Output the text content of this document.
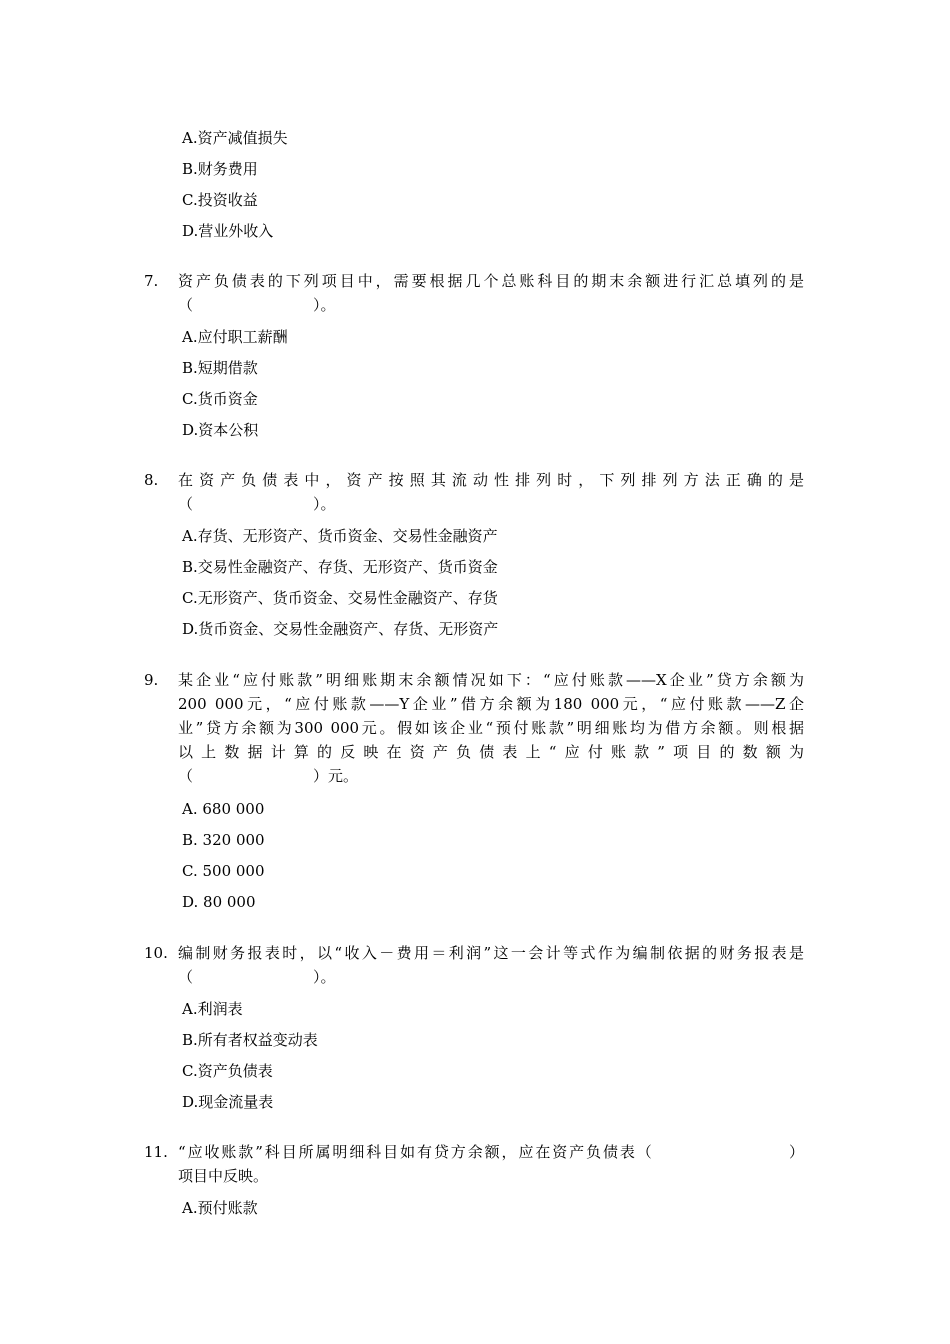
A.资产减值损失
B.财务费用
C.投资收益
D.营业外收入
7. 资产负债表的下列项目中，需要根据几个总账科目的期末余额进行汇总填列的是
（　　　　　　　　）。
A.应付职工薪酬
B.短期借款
C.货币资金
D.资本公积
8. 在资产负债表中，资产按照其流动性排列时，下列排列方法正确的是
（　　　　　　　　）。
A.存货、无形资产、货币资金、交易性金融资产
B.交易性金融资产、存货、无形资产、货币资金
C.无形资产、货币资金、交易性金融资产、存货
D.货币资金、交易性金融资产、存货、无形资产
9. 某企业“应付账款”明细账期末余额情况如下：“应付账款——X企业”贷方余额为
200 000元，“应付账款——Y企业”借方余额为180 000元，“应付账款——Z企
业”贷方余额为300 000元。假如该企业“预付账款”明细账均为借方余额。则根据
以上数据计算的反映在资产负债表上“应付账款”项目的数额为
（　　　　　　　　）元。
A. 680 000
B. 320 000
C. 500 000
D. 80 000
10. 编制财务报表时，以“收入－费用＝利润”这一会计等式作为编制依据的财务报表是
（　　　　　　　　）。
A.利润表
B.所有者权益变动表
C.资产负债表
D.现金流量表
11. “应收账款”科目所属明细科目如有贷方余额，应在资产负债表（　　　　　　　　）
项目中反映。
A.预付账款
